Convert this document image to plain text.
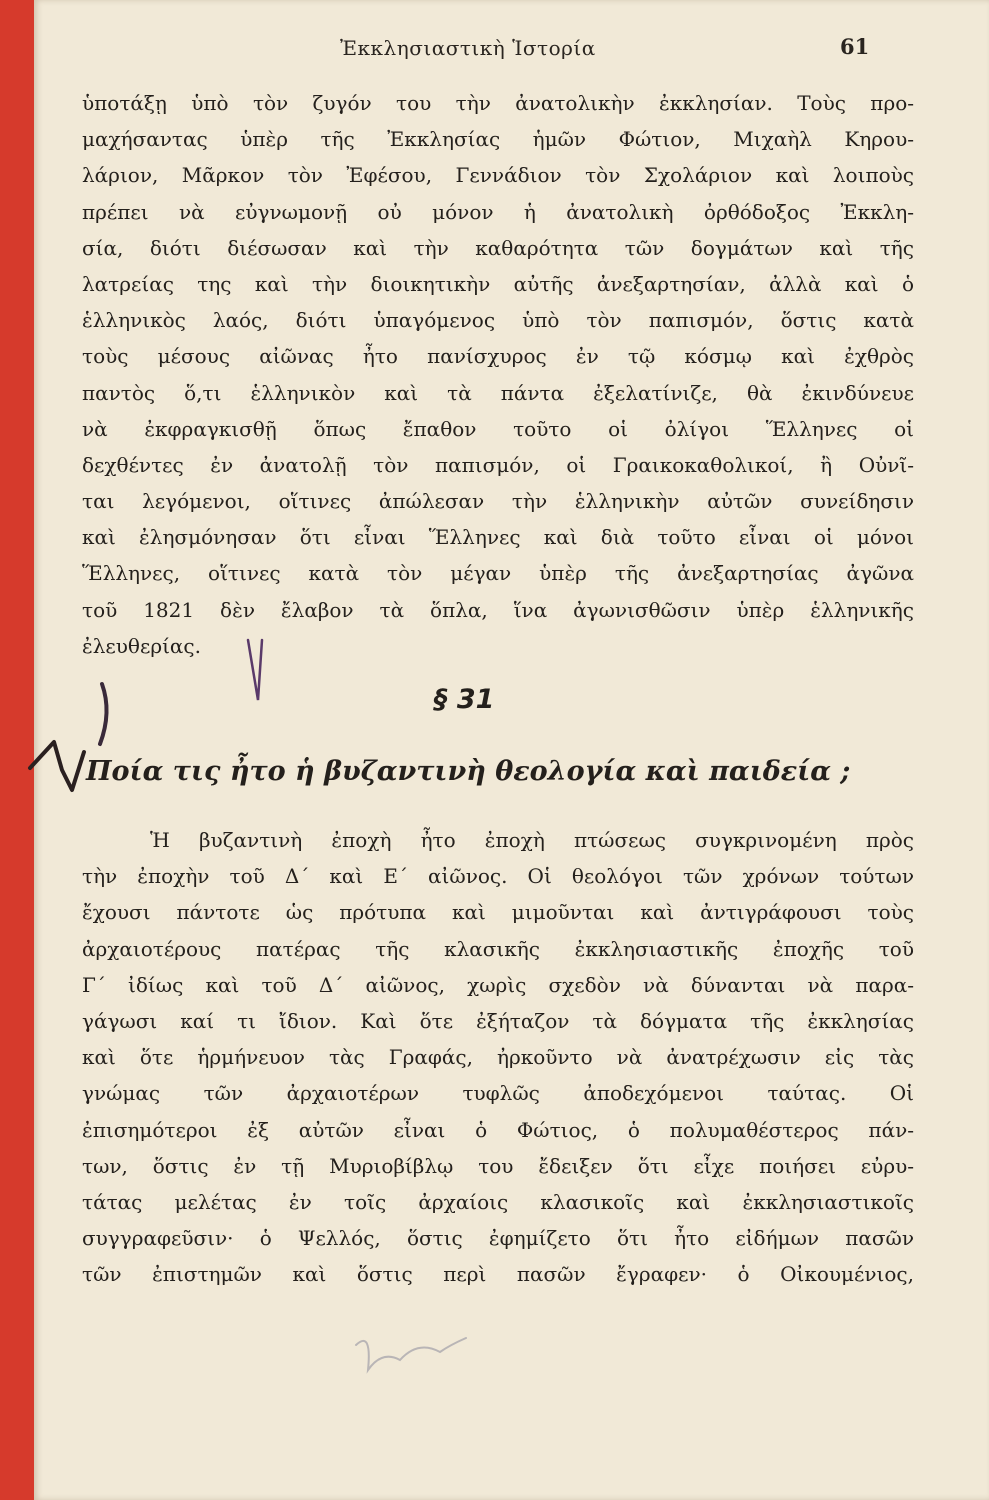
Ἐκκλησιαστικὴ Ἱστορία	61
ὑποτάξῃ ὑπὸ τὸν ζυγόν του τὴν ἀνατολικὴν ἐκκλησίαν. Τοὺς προ-
μαχήσαντας ὑπὲρ τῆς Ἐκκλησίας ἡμῶν Φώτιον, Μιχαὴλ Κηρου-
λάριον, Μᾶρκον τὸν Ἐφέσου, Γεννάδιον τὸν Σχολάριον καὶ λοιποὺς
πρέπει νὰ εὐγνωμονῇ οὐ μόνον ἡ ἀνατολικὴ ὀρθόδοξος Ἐκκλη-
σία, διότι διέσωσαν καὶ τὴν καθαρότητα τῶν δογμάτων καὶ τῆς
λατρείας της καὶ τὴν διοικητικὴν αὐτῆς ἀνεξαρτησίαν, ἀλλὰ καὶ ὁ
ἑλληνικὸς λαός, διότι ὑπαγόμενος ὑπὸ τὸν παπισμόν, ὅστις κατὰ
τοὺς μέσους αἰῶνας ἦτο πανίσχυρος ἐν τῷ κόσμῳ καὶ ἐχθρὸς
παντὸς ὅ,τι ἑλληνικὸν καὶ τὰ πάντα ἐξελατίνιζε, θὰ ἐκινδύνευε
νὰ ἐκφραγκισθῇ ὅπως ἔπαθον τοῦτο οἱ ὀλίγοι Ἕλληνες οἱ
δεχθέντες ἐν ἀνατολῇ τὸν παπισμόν, οἱ Γραικοκαθολικοί, ἢ Οὐνῖ-
ται λεγόμενοι, οἵτινες ἀπώλεσαν τὴν ἑλληνικὴν αὐτῶν συνείδησιν
καὶ ἐλησμόνησαν ὅτι εἶναι Ἕλληνες καὶ διὰ τοῦτο εἶναι οἱ μόνοι
Ἕλληνες, οἵτινες κατὰ τὸν μέγαν ὑπὲρ τῆς ἀνεξαρτησίας ἀγῶνα
τοῦ 1821 δὲν ἔλαβον τὰ ὅπλα, ἵνα ἀγωνισθῶσιν ὑπὲρ ἑλληνικῆς
ἐλευθερίας.
§ 31
Ποία τις ἦτο ἡ βυζαντινὴ θεολογία καὶ παιδεία ;
Ἡ βυζαντινὴ ἐποχὴ ἦτο ἐποχὴ πτώσεως συγκρινομένη πρὸς
τὴν ἐποχὴν τοῦ Δ΄ καὶ Ε΄ αἰῶνος. Οἱ θεολόγοι τῶν χρόνων τούτων
ἔχουσι πάντοτε ὡς πρότυπα καὶ μιμοῦνται καὶ ἀντιγράφουσι τοὺς
ἀρχαιοτέρους πατέρας τῆς κλασικῆς ἐκκλησιαστικῆς ἐποχῆς τοῦ
Γ΄ ἰδίως καὶ τοῦ Δ΄ αἰῶνος, χωρὶς σχεδὸν νὰ δύνανται νὰ παρα-
γάγωσι καί τι ἴδιον. Καὶ ὅτε ἐξήταζον τὰ δόγματα τῆς ἐκκλησίας
καὶ ὅτε ἡρμήνευον τὰς Γραφάς, ἠρκοῦντο νὰ ἀνατρέχωσιν εἰς τὰς
γνώμας τῶν ἀρχαιοτέρων τυφλῶς ἀποδεχόμενοι ταύτας. Οἱ
ἐπισημότεροι ἐξ αὐτῶν εἶναι ὁ Φώτιος, ὁ πολυμαθέστερος πάν-
των, ὅστις ἐν τῇ Μυριοβίβλῳ του ἔδειξεν ὅτι εἶχε ποιήσει εὐρυ-
τάτας μελέτας ἐν τοῖς ἀρχαίοις κλασικοῖς καὶ ἐκκλησιαστικοῖς
συγγραφεῦσιν· ὁ Ψελλός, ὅστις ἐφημίζετο ὅτι ἦτο εἰδήμων πασῶν
τῶν ἐπιστημῶν καὶ ὅστις περὶ πασῶν ἔγραφεν· ὁ Οἰκουμένιος,
